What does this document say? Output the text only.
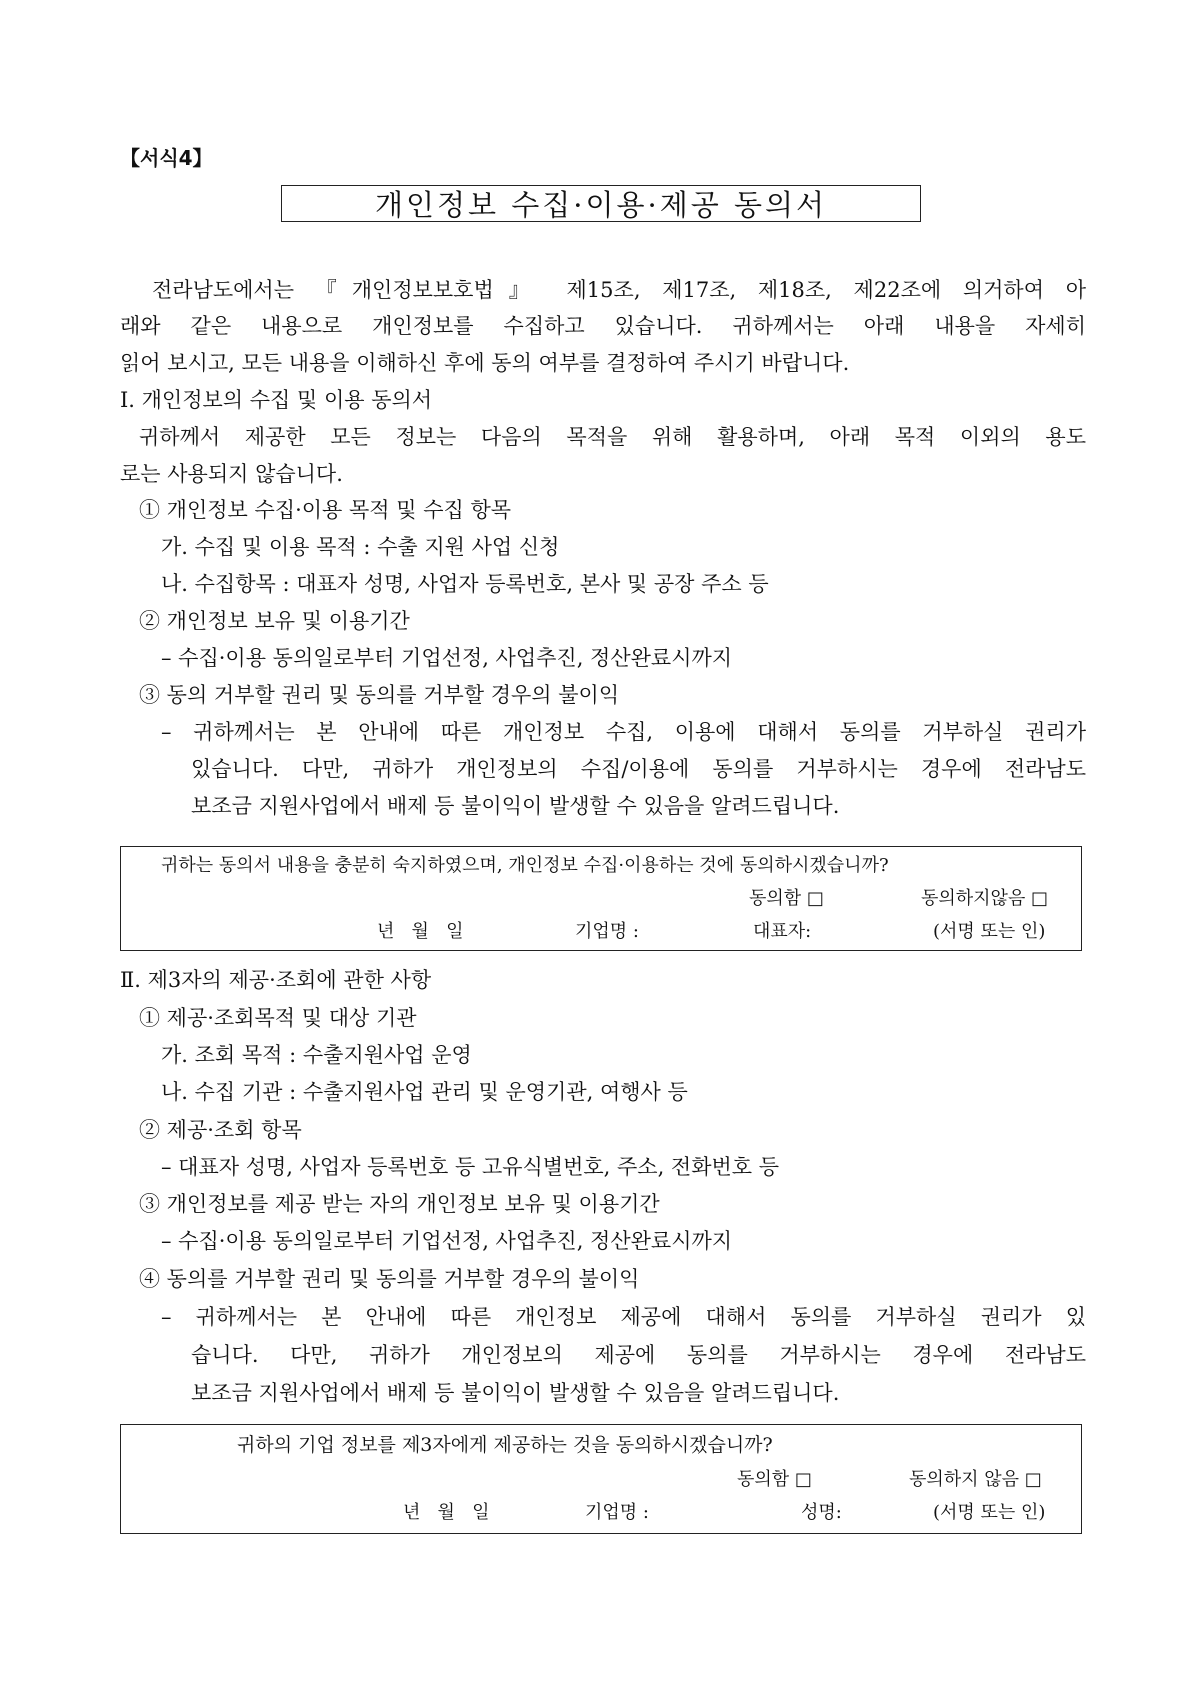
【서식4】
개인정보 수집·이용·제공 동의서
전라남도에서는 『개인정보보호법』 제15조, 제17조, 제18조, 제22조에 의거하여 아
래와 같은 내용으로 개인정보를 수집하고 있습니다. 귀하께서는 아래 내용을 자세히
읽어 보시고, 모든 내용을 이해하신 후에 동의 여부를 결정하여 주시기 바랍니다.
Ⅰ. 개인정보의 수집 및 이용 동의서
귀하께서 제공한 모든 정보는 다음의 목적을 위해 활용하며, 아래 목적 이외의 용도
로는 사용되지 않습니다.
① 개인정보 수집·이용 목적 및 수집 항목
가. 수집 및 이용 목적 : 수출 지원 사업 신청
나. 수집항목 : 대표자 성명, 사업자 등록번호, 본사 및 공장 주소 등
② 개인정보 보유 및 이용기간
– 수집·이용 동의일로부터 기업선정, 사업추진, 정산완료시까지
③ 동의 거부할 권리 및 동의를 거부할 경우의 불이익
– 귀하께서는 본 안내에 따른 개인정보 수집, 이용에 대해서 동의를 거부하실 권리가
있습니다. 다만, 귀하가 개인정보의 수집/이용에 동의를 거부하시는 경우에 전라남도
보조금 지원사업에서 배제 등 불이익이 발생할 수 있음을 알려드립니다.
귀하는 동의서 내용을 충분히 숙지하였으며, 개인정보 수집·이용하는 것에 동의하시겠습니까?
동의함 □	동의하지않음 □
년   월   일	기업명 :	대표자:	(서명 또는 인)
Ⅱ. 제3자의 제공·조회에 관한 사항
① 제공·조회목적 및 대상 기관
가. 조회 목적 : 수출지원사업 운영
나. 수집 기관 : 수출지원사업 관리 및 운영기관, 여행사 등
② 제공·조회 항목
– 대표자 성명, 사업자 등록번호 등 고유식별번호, 주소, 전화번호 등
③ 개인정보를 제공 받는 자의 개인정보 보유 및 이용기간
– 수집·이용 동의일로부터 기업선정, 사업추진, 정산완료시까지
④ 동의를 거부할 권리 및 동의를 거부할 경우의 불이익
– 귀하께서는 본 안내에 따른 개인정보 제공에 대해서 동의를 거부하실 권리가 있
습니다. 다만, 귀하가 개인정보의 제공에 동의를 거부하시는 경우에 전라남도
보조금 지원사업에서 배제 등 불이익이 발생할 수 있음을 알려드립니다.
귀하의 기업 정보를 제3자에게 제공하는 것을 동의하시겠습니까?
동의함 □	동의하지 않음 □
년   월   일	기업명 :	성명:	(서명 또는 인)
